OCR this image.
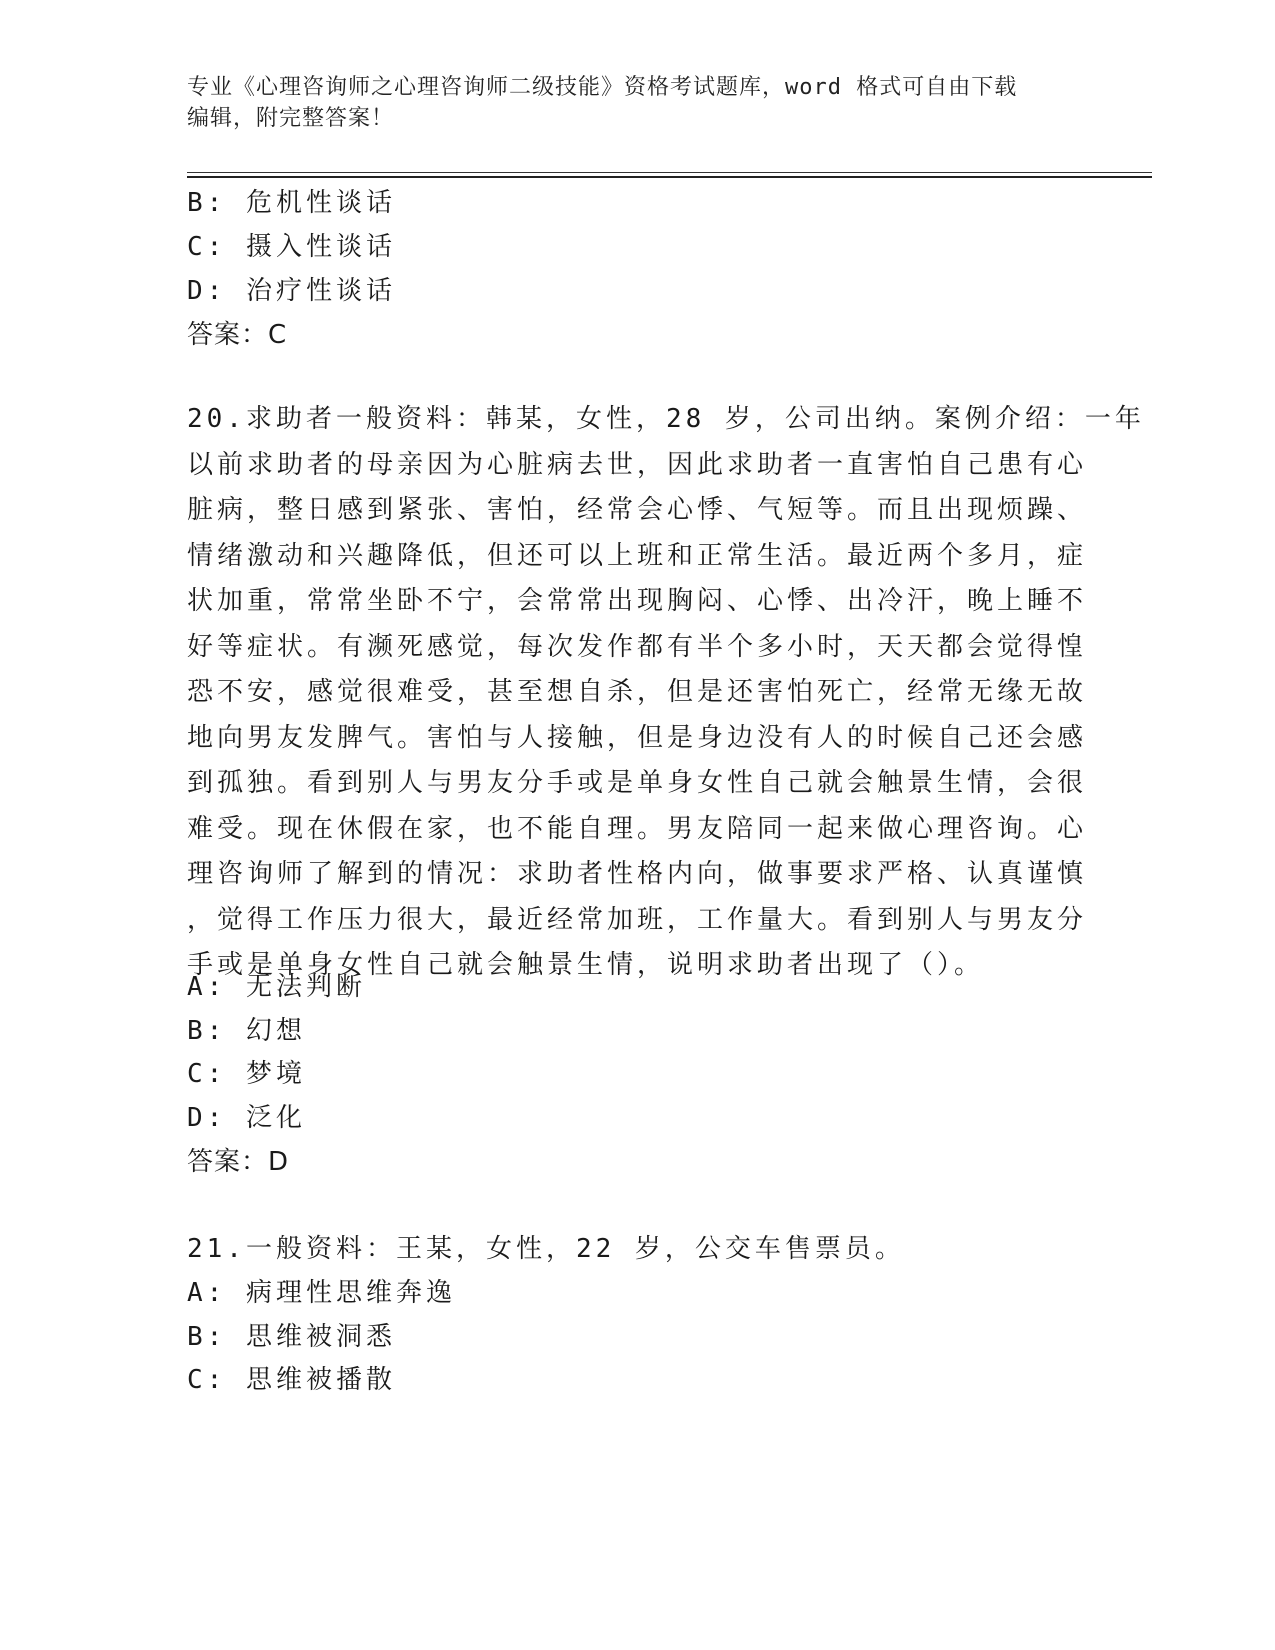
专业《心理咨询师之心理咨询师二级技能》资格考试题库，word 格式可自由下载
编辑，附完整答案！
B: 危机性谈话
C: 摄入性谈话
D: 治疗性谈话
答案：C
20.求助者一般资料：韩某，女性，28 岁，公司出纳。案例介绍：一年
以前求助者的母亲因为心脏病去世，因此求助者一直害怕自己患有心
脏病，整日感到紧张、害怕，经常会心悸、气短等。而且出现烦躁、
情绪激动和兴趣降低，但还可以上班和正常生活。最近两个多月，症
状加重，常常坐卧不宁，会常常出现胸闷、心悸、出冷汗，晚上睡不
好等症状。有濒死感觉，每次发作都有半个多小时，天天都会觉得惶
恐不安，感觉很难受，甚至想自杀，但是还害怕死亡，经常无缘无故
地向男友发脾气。害怕与人接触，但是身边没有人的时候自己还会感
到孤独。看到别人与男友分手或是单身女性自己就会触景生情，会很
难受。现在休假在家，也不能自理。男友陪同一起来做心理咨询。心
理咨询师了解到的情况：求助者性格内向，做事要求严格、认真谨慎
，觉得工作压力很大，最近经常加班，工作量大。看到别人与男友分
手或是单身女性自己就会触景生情，说明求助者出现了（）。
A: 无法判断
B: 幻想
C: 梦境
D: 泛化
答案：D
21.一般资料：王某，女性，22 岁，公交车售票员。
A: 病理性思维奔逸
B: 思维被洞悉
C: 思维被播散
